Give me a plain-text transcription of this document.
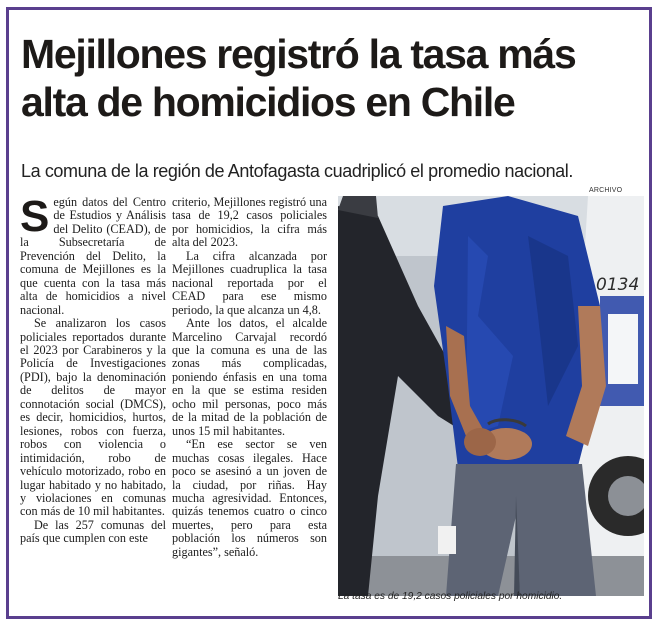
Mejillones registró la tasa más alta de homicidios en Chile

La comuna de la región de Antofagasta cuadriplicó el promedio nacional.

Según datos del Centro de Estudios y Análisis del Delito (CEAD), de la Subsecretaría de Prevención del Delito, la comuna de Mejillones es la que cuenta con la tasa más alta de homicidios a nivel nacional.

Se analizaron los casos policiales reportados durante el 2023 por Carabineros y la Policía de Investigaciones (PDI), bajo la denominación de delitos de mayor connotación social (DMCS), es decir, homicidios, hurtos, lesiones, robos con fuerza, robos con violencia o intimidación, robo de vehículo motorizado, robo en lugar habitado y no habitado, y violaciones en comunas con más de 10 mil habitantes.

De las 257 comunas del país que cumplen con este

criterio, Mejillones registró una tasa de 19,2 casos policiales por homicidios, la cifra más alta del 2023.

La cifra alcanzada por Mejillones cuadruplica la tasa nacional reportada por el CEAD para ese mismo periodo, la que alcanza un 4,8.

Ante los datos, el alcalde Marcelino Carvajal recordó que la comuna es una de las zonas más complicadas, poniendo énfasis en una toma en la que se estima residen ocho mil personas, poco más de la mitad de la población de unos 15 mil habitantes.

“En ese sector se ven muchas cosas ilegales. Hace poco se asesinó a un joven de la ciudad, por riñas. Hay mucha agresividad. Entonces, quizás tenemos cuatro o cinco muertes, pero para esta población los números son gigantes”, señaló.

ARCHIVO
0134
La tasa es de 19,2 casos policiales por homicidio.
